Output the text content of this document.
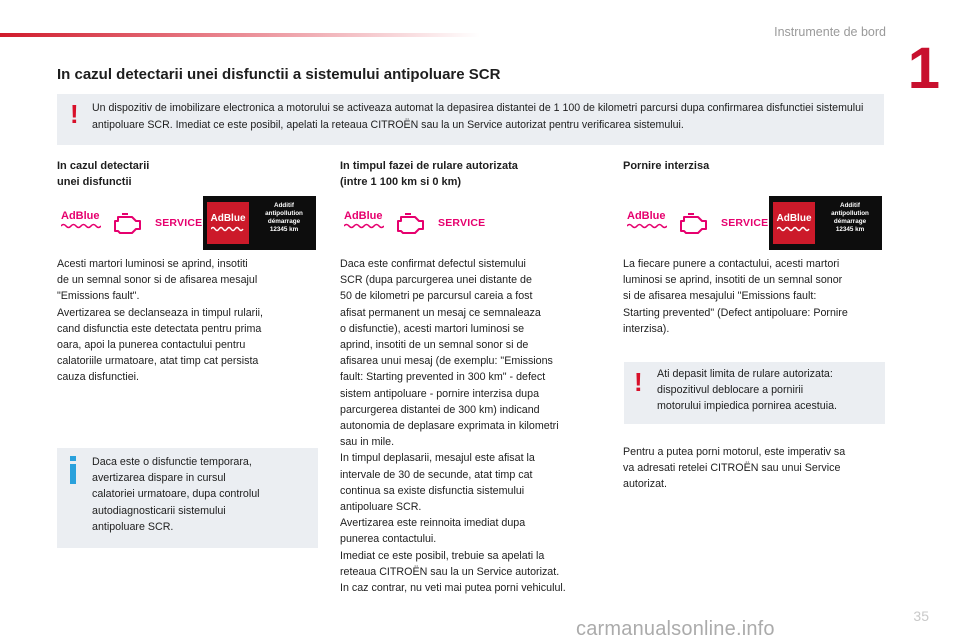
Instrumente de bord
1
In cazul detectarii unei disfunctii a sistemului antipoluare SCR
! Un dispozitiv de imobilizare electronica a motorului se activeaza automat la depasirea distantei de 1 100 de kilometri parcursi dupa confirmarea disfunctiei sistemului antipoluare SCR. Imediat ce este posibil, apelati la reteaua CITROËN sau la un Service autorizat pentru verificarea sistemului.
In cazul detectarii
unei disfunctii
In timpul fazei de rulare autorizata
(intre 1 100 km si 0 km)
Pornire interzisa
AdBlue
SERVICE AdBlue
Additif
antipollution
démarrage
12345 km
AdBlue
SERVICE
AdBlue
SERVICE AdBlue
Additif
antipollution
démarrage
12345 km
Acesti martori luminosi se aprind, insotiti
de un semnal sonor si de afisarea mesajul
"Emissions fault".
Avertizarea se declanseaza in timpul rularii,
cand disfunctia este detectata pentru prima
oara, apoi la punerea contactului pentru
calatoriile urmatoare, atat timp cat persista
cauza disfunctiei.
Daca este o disfunctie temporara,
avertizarea dispare in cursul
calatoriei urmatoare, dupa controlul
autodiagnosticarii sistemului
antipoluare SCR.
Daca este confirmat defectul sistemului
SCR (dupa parcurgerea unei distante de
50 de kilometri pe parcursul careia a fost
afisat permanent un mesaj ce semnaleaza
o disfunctie), acesti martori luminosi se
aprind, insotiti de un semnal sonor si de
afisarea unui mesaj (de exemplu: "Emissions
fault: Starting prevented in 300 km" - defect
sistem antipoluare - pornire interzisa dupa
parcurgerea distantei de 300 km) indicand
autonomia de deplasare exprimata in kilometri
sau in mile.
In timpul deplasarii, mesajul este afisat la
intervale de 30 de secunde, atat timp cat
continua sa existe disfunctia sistemului
antipoluare SCR.
Avertizarea este reinnoita imediat dupa
punerea contactului.
Imediat ce este posibil, trebuie sa apelati la
reteaua CITROËN sau la un Service autorizat.
In caz contrar, nu veti mai putea porni vehiculul.
La fiecare punere a contactului, acesti martori
luminosi se aprind, insotiti de un semnal sonor
si de afisarea mesajului "Emissions fault:
Starting prevented" (Defect antipoluare: Pornire
interzisa).
! Ati depasit limita de rulare autorizata:
dispozitivul deblocare a pornirii
motorului impiedica pornirea acestuia.
Pentru a putea porni motorul, este imperativ sa
va adresati retelei CITROËN sau unui Service
autorizat.
35
carmanualsonline.info
